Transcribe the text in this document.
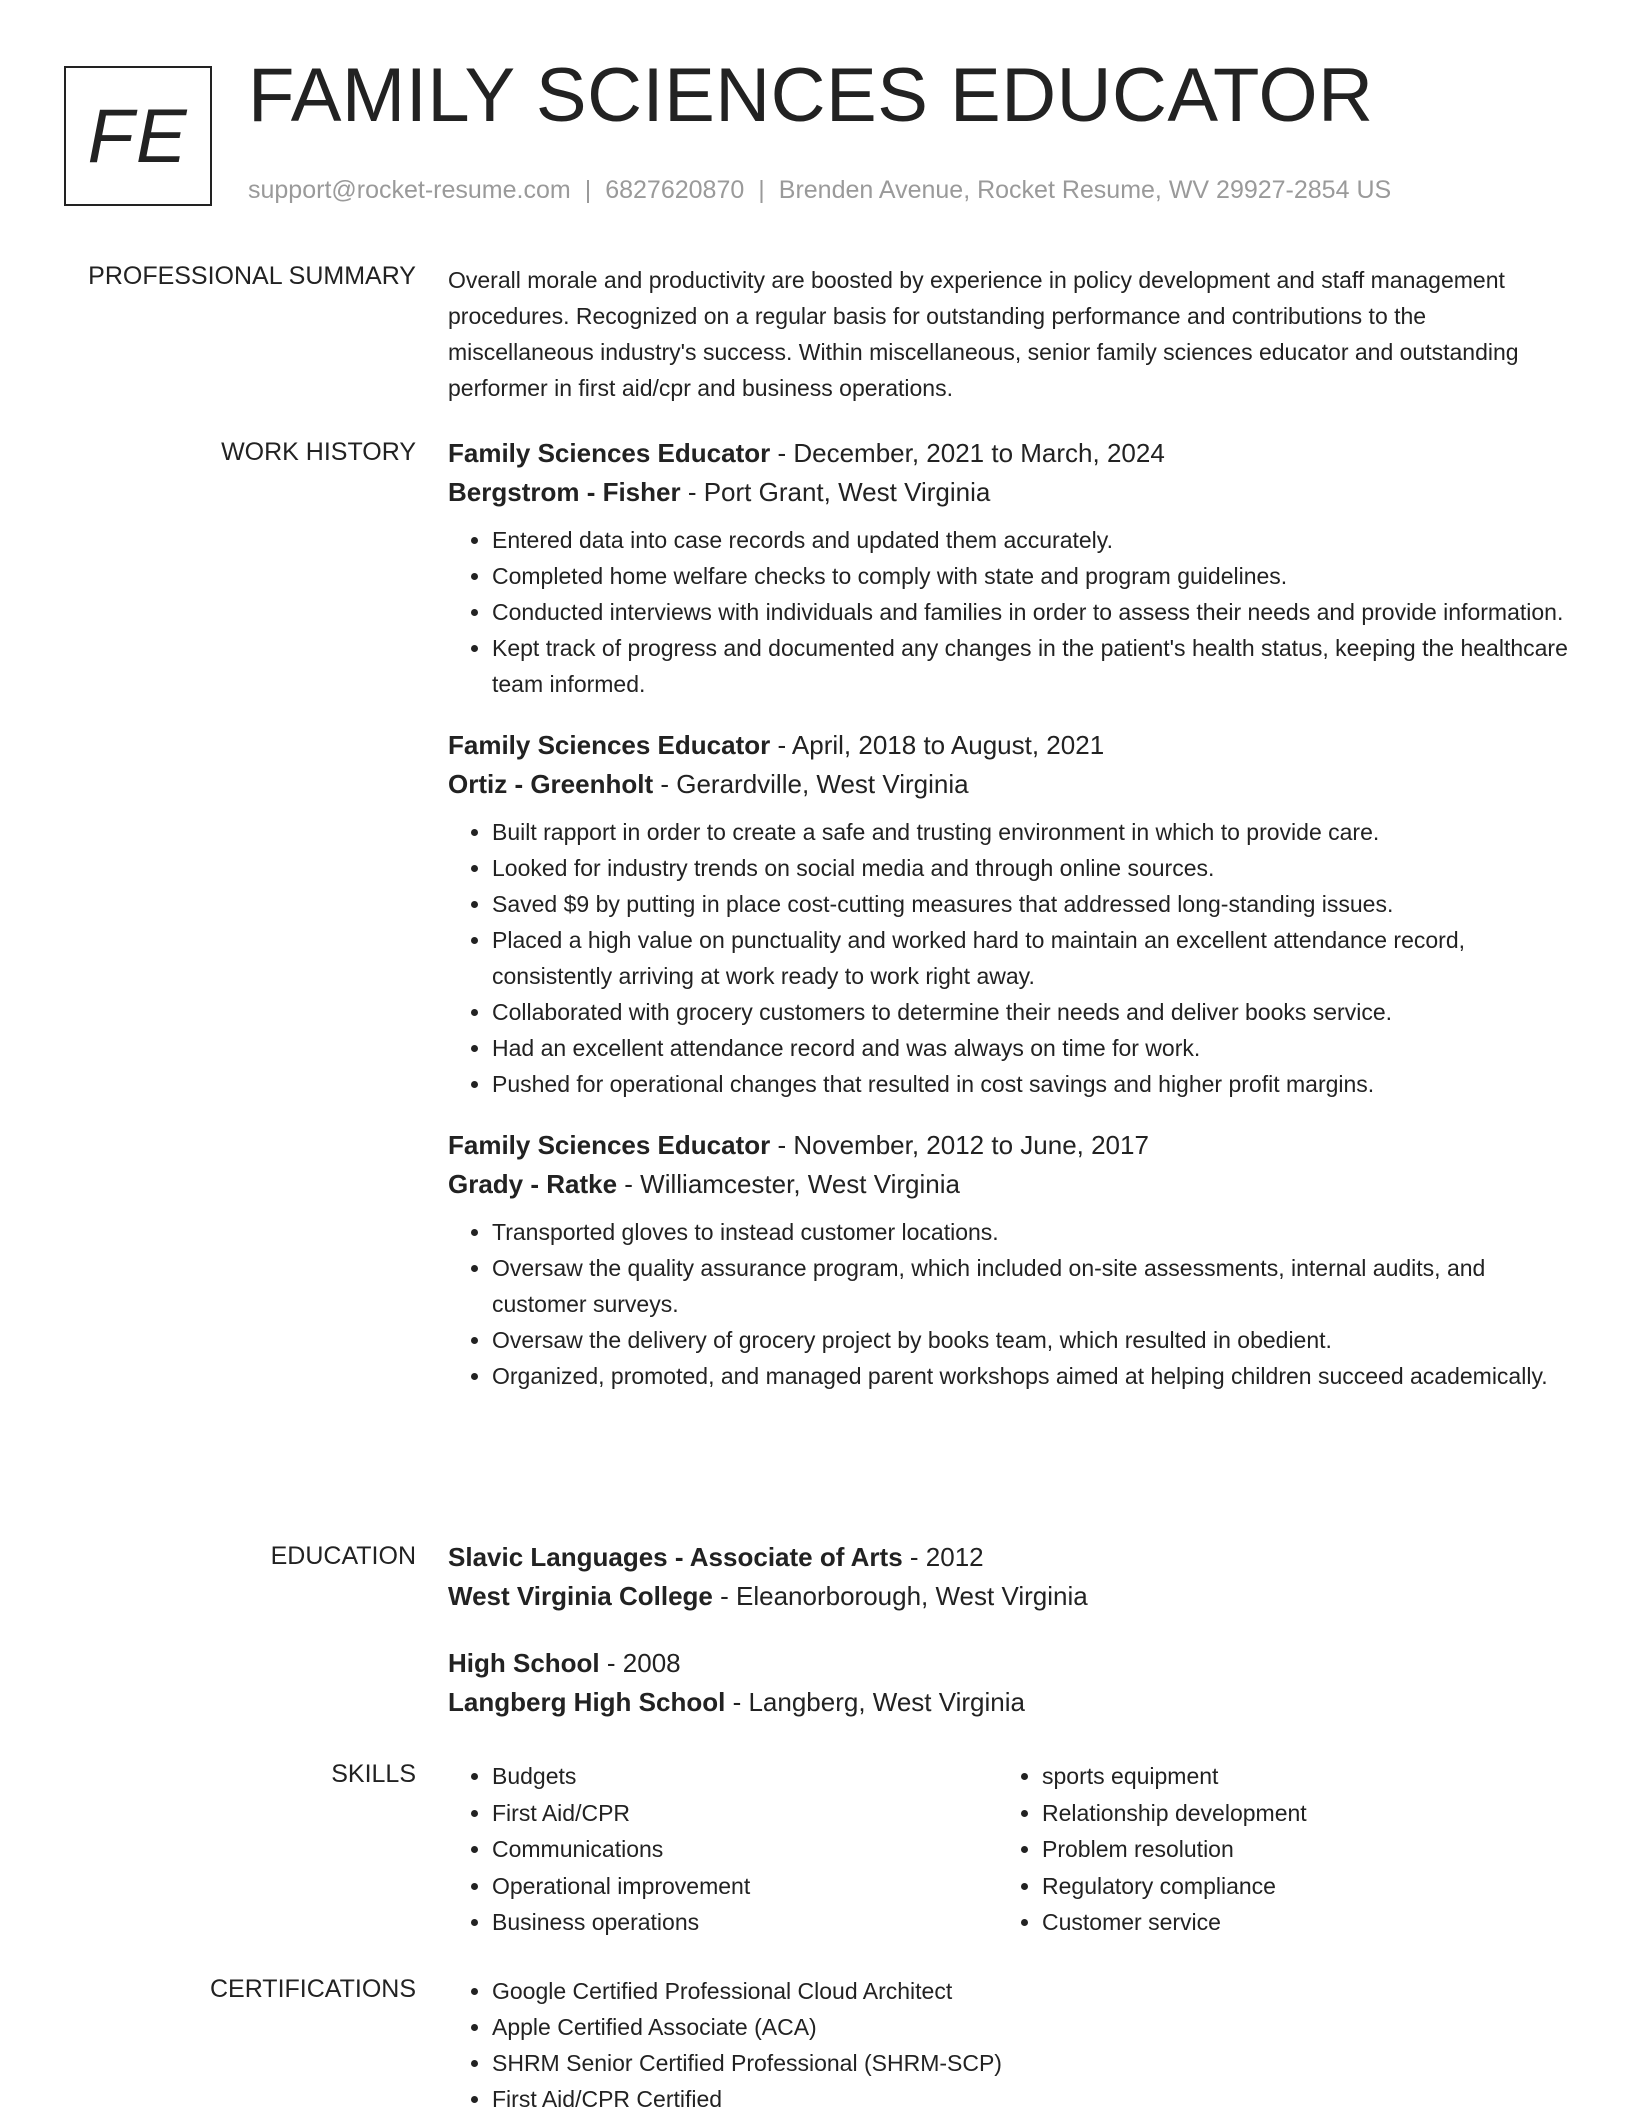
FE FAMILY SCIENCES EDUCATOR
support@rocket-resume.com | 6827620870 | Brenden Avenue, Rocket Resume, WV 29927-2854 US
PROFESSIONAL SUMMARY Overall morale and productivity are boosted by experience in policy development and staff management procedures. Recognized on a regular basis for outstanding performance and contributions to the miscellaneous industry's success. Within miscellaneous, senior family sciences educator and outstanding performer in first aid/cpr and business operations.

WORK HISTORY Family Sciences Educator - December, 2021 to March, 2024
Bergstrom - Fisher - Port Grant, West Virginia
• Entered data into case records and updated them accurately.
• Completed home welfare checks to comply with state and program guidelines.
• Conducted interviews with individuals and families in order to assess their needs and provide information.
• Kept track of progress and documented any changes in the patient's health status, keeping the healthcare team informed.
Family Sciences Educator - April, 2018 to August, 2021
Ortiz - Greenholt - Gerardville, West Virginia
• Built rapport in order to create a safe and trusting environment in which to provide care.
• Looked for industry trends on social media and through online sources.
• Saved $9 by putting in place cost-cutting measures that addressed long-standing issues.
• Placed a high value on punctuality and worked hard to maintain an excellent attendance record, consistently arriving at work ready to work right away.
• Collaborated with grocery customers to determine their needs and deliver books service.
• Had an excellent attendance record and was always on time for work.
• Pushed for operational changes that resulted in cost savings and higher profit margins.
Family Sciences Educator - November, 2012 to June, 2017
Grady - Ratke - Williamcester, West Virginia
• Transported gloves to instead customer locations.
• Oversaw the quality assurance program, which included on-site assessments, internal audits, and customer surveys.
• Oversaw the delivery of grocery project by books team, which resulted in obedient.
• Organized, promoted, and managed parent workshops aimed at helping children succeed academically.
EDUCATION Slavic Languages - Associate of Arts - 2012
West Virginia College - Eleanorborough, West Virginia
High School - 2008
Langberg High School - Langberg, West Virginia
SKILLS	• Budgets
• First Aid/CPR
• Communications
• Operational improvement
• Business operations
• sports equipment
• Relationship development
• Problem resolution
• Regulatory compliance
• Customer service
CERTIFICATIONS	• Google Certified Professional Cloud Architect
• Apple Certified Associate (ACA)
• SHRM Senior Certified Professional (SHRM-SCP)
• First Aid/CPR Certified
